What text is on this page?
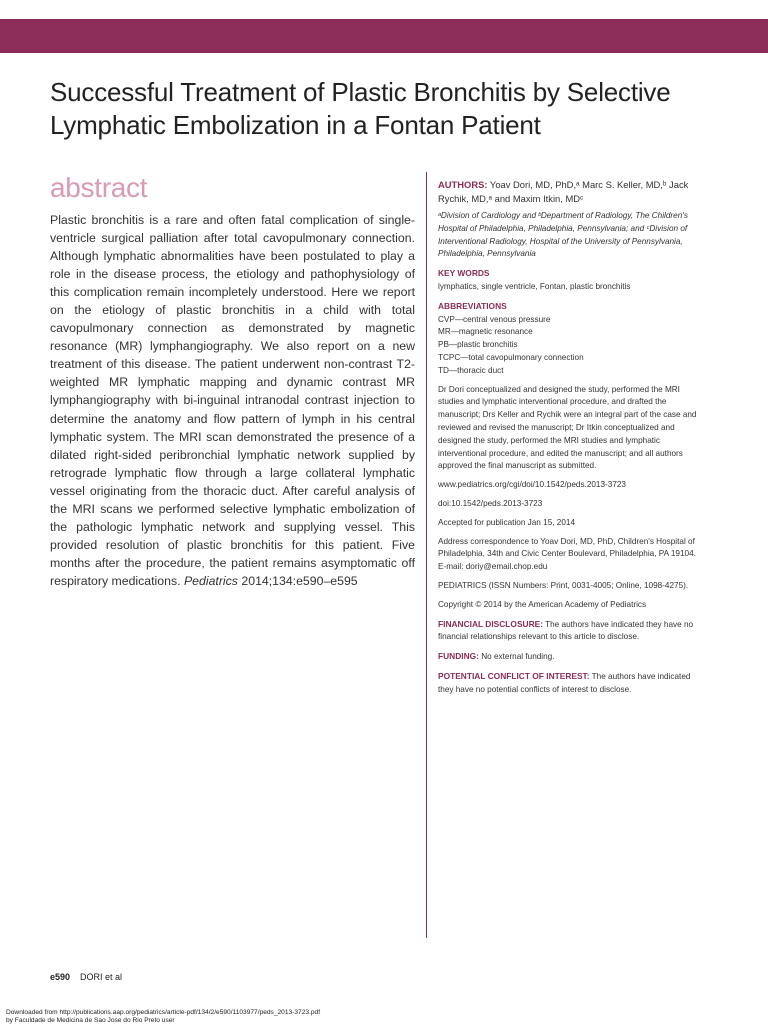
Successful Treatment of Plastic Bronchitis by Selective Lymphatic Embolization in a Fontan Patient
abstract

Plastic bronchitis is a rare and often fatal complication of single-ventricle surgical palliation after total cavopulmonary connection. Although lymphatic abnormalities have been postulated to play a role in the disease process, the etiology and pathophysiology of this complication remain incompletely understood. Here we report on the etiology of plastic bronchitis in a child with total cavopulmonary connection as demonstrated by magnetic resonance (MR) lymphangiography. We also report on a new treatment of this disease. The patient underwent non-contrast T2-weighted MR lymphatic mapping and dynamic contrast MR lymphangiography with bi-inguinal intranodal contrast injection to determine the anatomy and flow pattern of lymph in his central lymphatic system. The MRI scan demonstrated the presence of a dilated right-sided peribronchial lymphatic network supplied by retrograde lymphatic flow through a large collateral lymphatic vessel originating from the thoracic duct. After careful analysis of the MRI scans we performed selective lymphatic embolization of the pathologic lymphatic network and supplying vessel. This provided resolution of plastic bronchitis for this patient. Five months after the procedure, the patient remains asymptomatic off respiratory medications. Pediatrics 2014;134:e590–e595

AUTHORS: Yoav Dori, MD, PhD,ᵃ Marc S. Keller, MD,ᵇ Jack Rychik, MD,ᵃ and Maxim Itkin, MDᶜ

ᵃDivision of Cardiology and ᵇDepartment of Radiology, The Children's Hospital of Philadelphia, Philadelphia, Pennsylvania; and ᶜDivision of Interventional Radiology, Hospital of the University of Pennsylvania, Philadelphia, Pennsylvania

KEY WORDS

lymphatics, single ventricle, Fontan, plastic bronchitis

ABBREVIATIONS

CVP—central venous pressure
MR—magnetic resonance
PB—plastic bronchitis
TCPC—total cavopulmonary connection
TD—thoracic duct

Dr Dori conceptualized and designed the study, performed the MRI studies and lymphatic interventional procedure, and drafted the manuscript; Drs Keller and Rychik were an integral part of the case and reviewed and revised the manuscript; Dr Itkin conceptualized and designed the study, performed the MRI studies and lymphatic interventional procedure, and edited the manuscript; and all authors approved the final manuscript as submitted.

www.pediatrics.org/cgi/doi/10.1542/peds.2013-3723

doi:10.1542/peds.2013-3723

Accepted for publication Jan 15, 2014

Address correspondence to Yoav Dori, MD, PhD, Children's Hospital of Philadelphia, 34th and Civic Center Boulevard, Philadelphia, PA 19104. E-mail: doriy@email.chop.edu

PEDIATRICS (ISSN Numbers: Print, 0031-4005; Online, 1098-4275).

Copyright © 2014 by the American Academy of Pediatrics

FINANCIAL DISCLOSURE: The authors have indicated they have no financial relationships relevant to this article to disclose.

FUNDING: No external funding.

POTENTIAL CONFLICT OF INTEREST: The authors have indicated they have no potential conflicts of interest to disclose.

e590 DORI et al
Downloaded from http://publications.aap.org/pediatrics/article-pdf/134/2/e590/1103977/peds_2013-3723.pdf
by Faculdade de Medicina de Sao Jose do Rio Preto user
